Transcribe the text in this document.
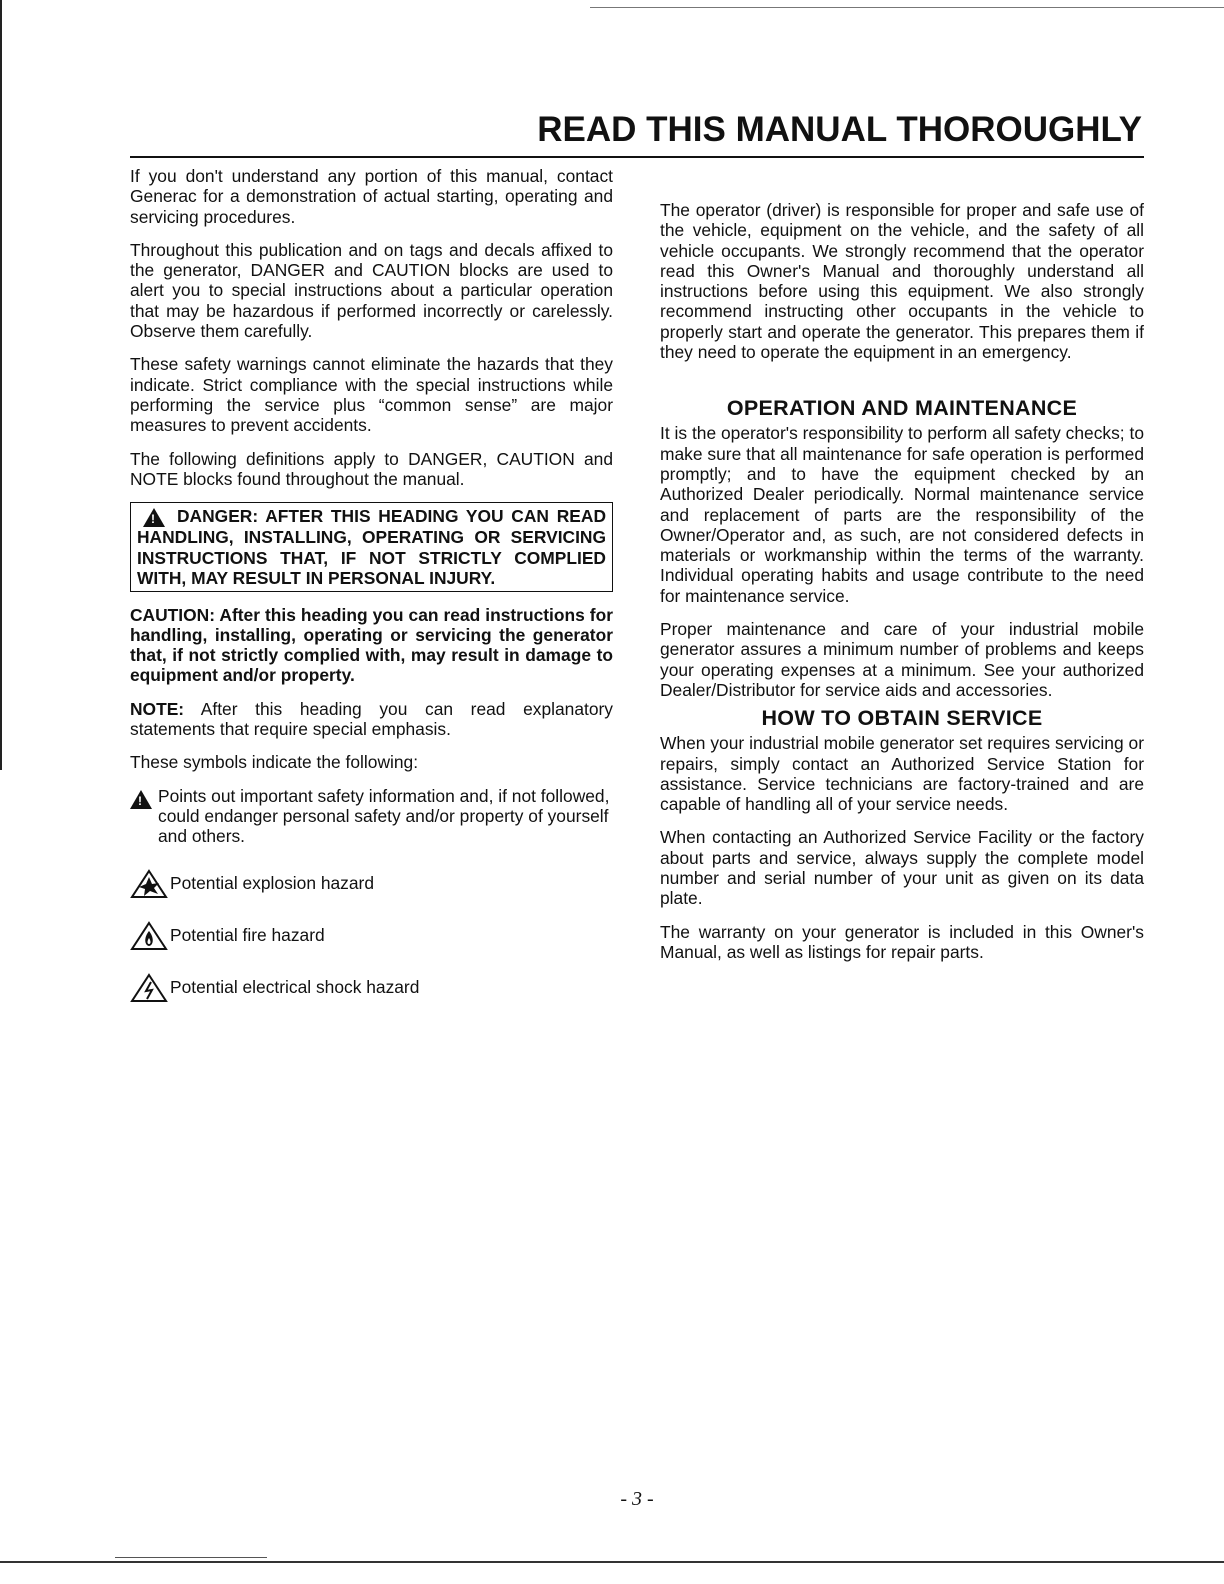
READ THIS MANUAL THOROUGHLY

If you don't understand any portion of this manual, contact Generac for a demonstration of actual starting, operating and servicing procedures.

Throughout this publication and on tags and decals affixed to the generator, DANGER and CAUTION blocks are used to alert you to special instructions about a particular operation that may be hazardous if performed incorrectly or carelessly. Observe them carefully.

These safety warnings cannot eliminate the hazards that they indicate. Strict compliance with the special instructions while performing the service plus “common sense” are major measures to prevent accidents.

The following definitions apply to DANGER, CAUTION and NOTE blocks found throughout the manual.

!DANGER: AFTER THIS HEADING YOU CAN READ HANDLING, INSTALLING, OPERATING OR SERVICING INSTRUCTIONS THAT, IF NOT STRICTLY COMPLIED WITH, MAY RESULT IN PERSONAL INJURY.

CAUTION: After this heading you can read instructions for handling, installing, operating or servicing the generator that, if not strictly complied with, may result in damage to equipment and/or property.

NOTE: After this heading you can read explanatory statements that require special emphasis.

These symbols indicate the following:

!
Points out important safety information and, if not followed, could endanger personal safety and/or property of yourself and others.
Potential explosion hazard
Potential fire hazard
Potential electrical shock hazard

The operator (driver) is responsible for proper and safe use of the vehicle, equipment on the vehicle, and the safety of all vehicle occupants. We strongly recommend that the operator read this Owner's Manual and thoroughly understand all instructions before using this equipment. We also strongly recommend instructing other occupants in the vehicle to properly start and operate the generator. This prepares them if they need to operate the equipment in an emergency.

OPERATION AND MAINTENANCE

It is the operator's responsibility to perform all safety checks; to make sure that all maintenance for safe operation is performed promptly; and to have the equipment checked by an Authorized Dealer periodically. Normal maintenance service and replacement of parts are the responsibility of the Owner/Operator and, as such, are not considered defects in materials or workmanship within the terms of the warranty. Individual operating habits and usage contribute to the need for maintenance service.

Proper maintenance and care of your industrial mobile generator assures a minimum number of problems and keeps your operating expenses at a minimum. See your authorized Dealer/Distributor for service aids and accessories.

HOW TO OBTAIN SERVICE

When your industrial mobile generator set requires servicing or repairs, simply contact an Authorized Service Station for assistance. Service technicians are factory-trained and are capable of handling all of your service needs.

When contacting an Authorized Service Facility or the factory about parts and service, always supply the complete model number and serial number of your unit as given on its data plate.

The warranty on your generator is included in this Owner's Manual, as well as listings for repair parts.

- 3 -
